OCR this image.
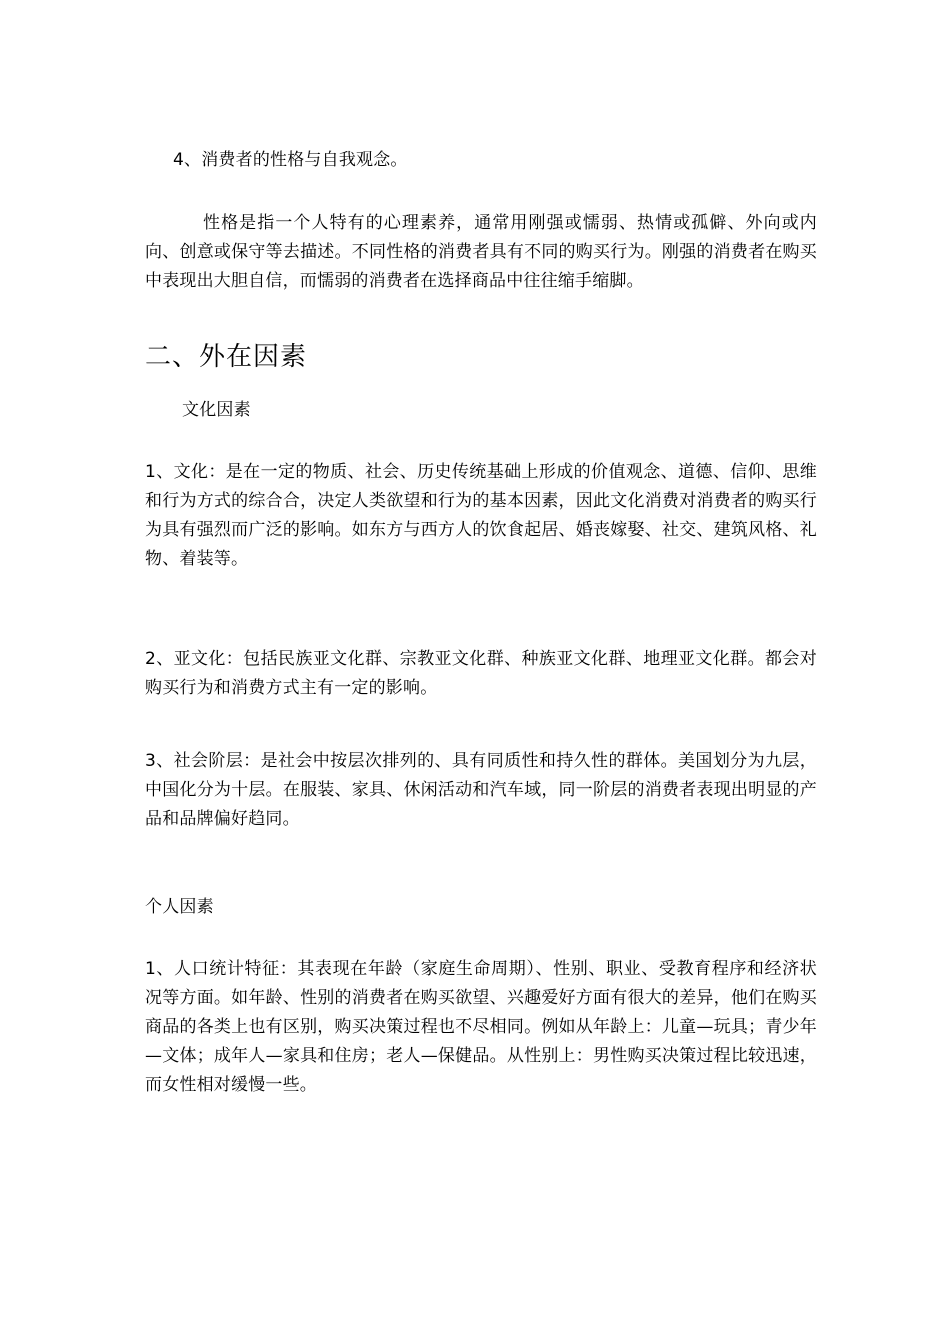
4、消费者的性格与自我观念。

性格是指一个人特有的心理素养，通常用刚强或懦弱、热情或孤僻、外向或内向、创意或保守等去描述。不同性格的消费者具有不同的购买行为。刚强的消费者在购买中表现出大胆自信，而懦弱的消费者在选择商品中往往缩手缩脚。

二、外在因素

文化因素

1、文化：是在一定的物质、社会、历史传统基础上形成的价值观念、道德、信仰、思维和行为方式的综合合，决定人类欲望和行为的基本因素，因此文化消费对消费者的购买行为具有强烈而广泛的影响。如东方与西方人的饮食起居、婚丧嫁娶、社交、建筑风格、礼物、着装等。

2、亚文化：包括民族亚文化群、宗教亚文化群、种族亚文化群、地理亚文化群。都会对购买行为和消费方式主有一定的影响。

3、社会阶层：是社会中按层次排列的、具有同质性和持久性的群体。美国划分为九层，中国化分为十层。在服装、家具、休闲活动和汽车域，同一阶层的消费者表现出明显的产品和品牌偏好趋同。

个人因素

1、人口统计特征：其表现在年龄（家庭生命周期）、性别、职业、受教育程序和经济状况等方面。如年龄、性别的消费者在购买欲望、兴趣爱好方面有很大的差异，他们在购买商品的各类上也有区别，购买决策过程也不尽相同。例如从年龄上：儿童—玩具；青少年—文体；成年人—家具和住房；老人—保健品。从性别上：男性购买决策过程比较迅速，而女性相对缓慢一些。
